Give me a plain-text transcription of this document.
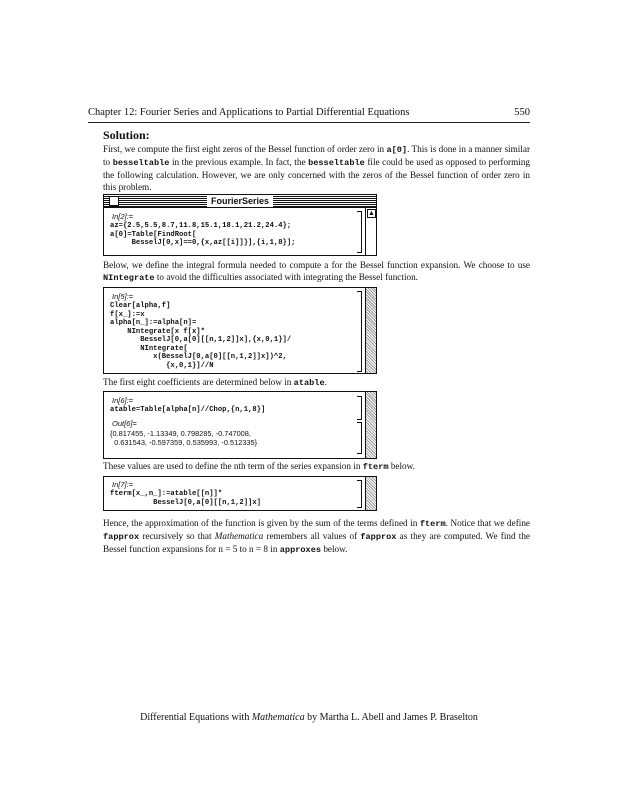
Chapter 12: Fourier Series and Applications to Partial Differential Equations	550
Solution:

First, we compute the first eight zeros of the Bessel function of order zero in a[0]. This is done in a manner similar to besseltable in the previous example. In fact, the besseltable file could be used as opposed to performing the following calculation. However, we are only concerned with the zeros of the Bessel function of order zero in this problem.

FourierSeries
In[2]:=
az={2.5,5.5,8.7,11.8,15.1,18.1,21.2,24.4};
a[0]=Table[FindRoot[
BesselJ[0,x]==0,{x,az[[i]]}],{i,1,8}];
▲

Below, we define the integral formula needed to compute a for the Bessel function expansion. We choose to use NIntegrate to avoid the difficulties associated with integrating the Bessel function.

In[5]:=
Clear[alpha,f]
f[x_]:=x
alpha[n_]:=alpha[n]=
NIntegrate[x f[x]*
BesselJ[0,a[0][[n,1,2]]x],{x,0,1}]/
NIntegrate[
x(BesselJ[0,a[0][[n,1,2]]x])^2,
{x,0,1}]//N

The first eight coefficients are determined below in atable.

In[6]:=
atable=Table[alpha[n]//Chop,{n,1,8}]
Out[6]=
{0.817455, -1.13349, 0.798285, -0.747008,
0.631543, -0.597359, 0.535993, -0.512335}

These values are used to define the nth term of the series expansion in fterm below.

In[7]:=
fterm[x_,n_]:=atable[[n]]*
BesselJ[0,a[0][[n,1,2]]x]

Hence, the approximation of the function is given by the sum of the terms defined in fterm. Notice that we define fapprox recursively so that Mathematica remembers all values of fapprox as they are computed. We find the Bessel function expansions for n = 5 to n = 8 in approxes below.

Differential Equations with Mathematica by Martha L. Abell and James P. Braselton
